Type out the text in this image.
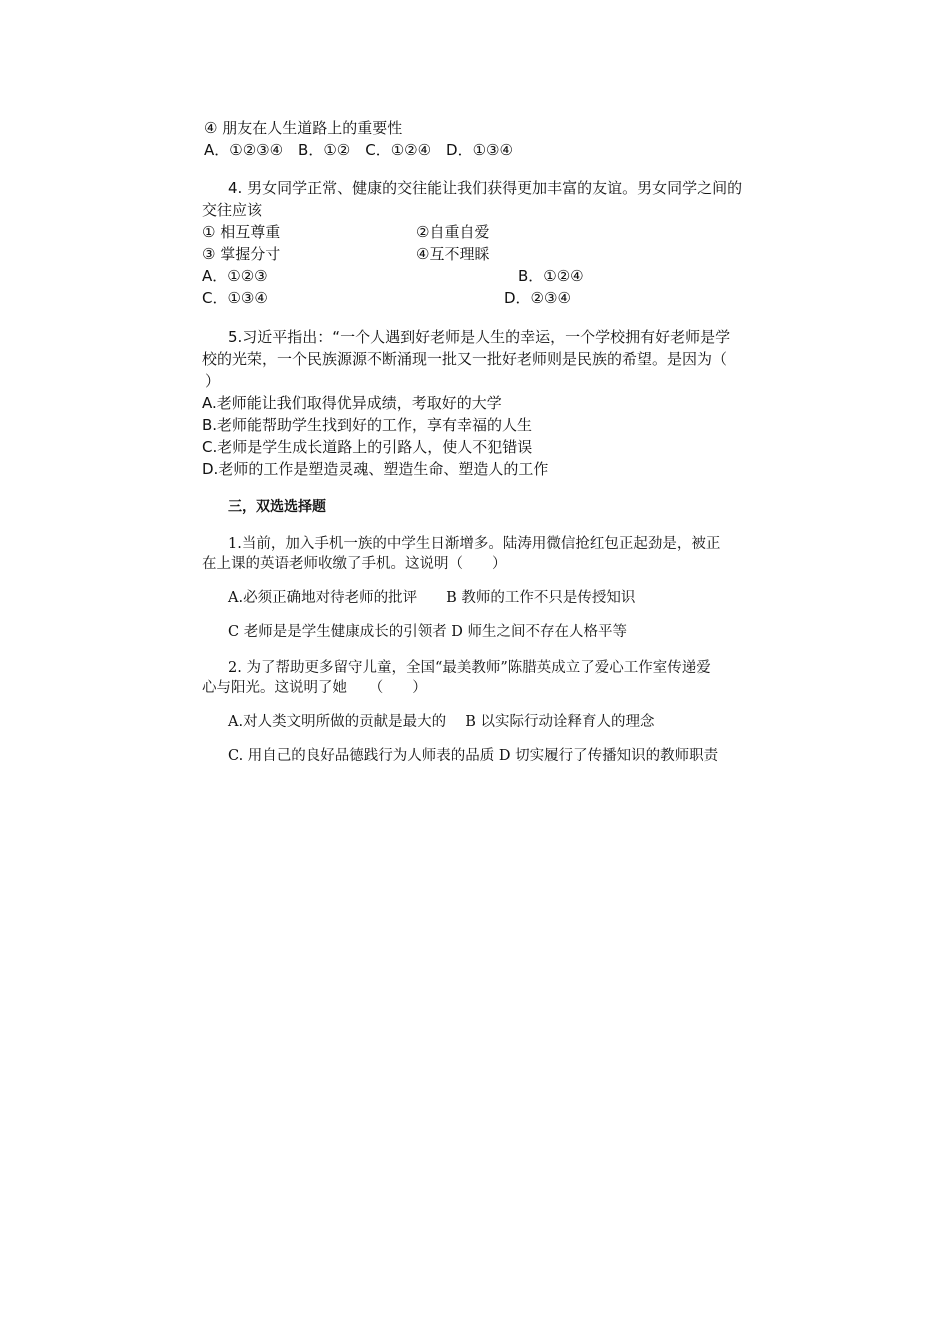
④ 朋友在人生道路上的重要性
A．①②③④　B．①②　C．①②④　D．①③④
4. 男女同学正常、健康的交往能让我们获得更加丰富的友谊。男女同学之间的
交往应该
① 相互尊重	②自重自爱
③ 掌握分寸	④互不理睬
A．①②③	B．①②④
C．①③④	D．②③④
5.习近平指出：“一个人遇到好老师是人生的幸运，一个学校拥有好老师是学
校的光荣，一个民族源源不断涌现一批又一批好老师则是民族的希望。是因为（
）
A.老师能让我们取得优异成绩，考取好的大学
B.老师能帮助学生找到好的工作，享有幸福的人生
C.老师是学生成长道路上的引路人，使人不犯错误
D.老师的工作是塑造灵魂、塑造生命、塑造人的工作
三，双选选择题
1.当前，加入手机一族的中学生日渐增多。陆涛用微信抢红包正起劲是，被正
在上课的英语老师收缴了手机。这说明（　　）
A.必须正确地对待老师的批评　　B 教师的工作不只是传授知识
C 老师是是学生健康成长的引领者 D 师生之间不存在人格平等
2. 为了帮助更多留守儿童，全国“最美教师”陈腊英成立了爱心工作室传递爱
心与阳光。这说明了她　　（　　）
A.对人类文明所做的贡献是最大的　 B 以实际行动诠释育人的理念
C. 用自己的良好品德践行为人师表的品质 D 切实履行了传播知识的教师职责
